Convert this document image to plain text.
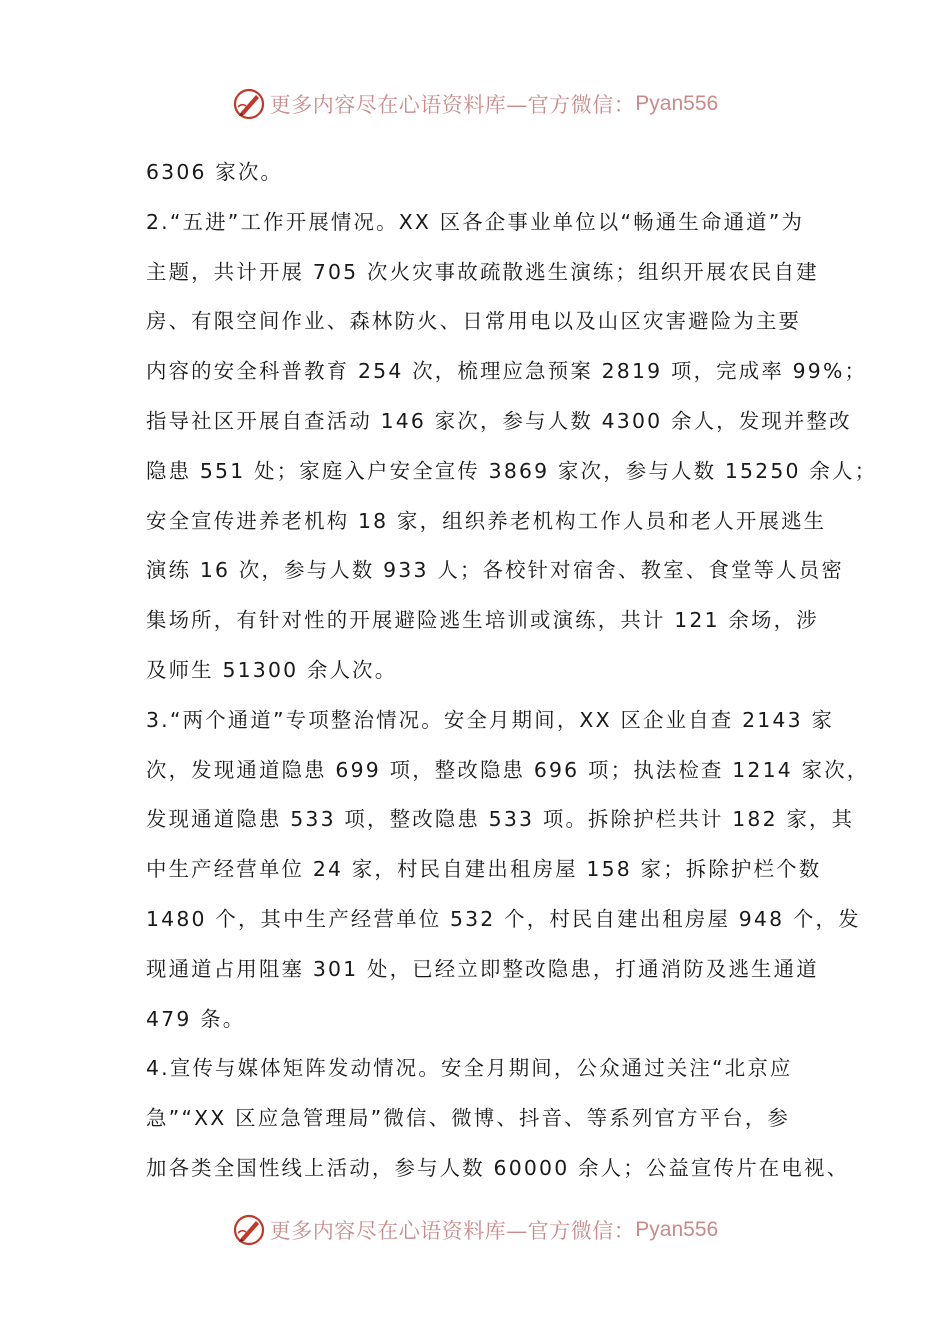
更多内容尽在心语资料库—官方微信： Pyan556
6306 家次。
2.“五进”工作开展情况。XX 区各企事业单位以“畅通生命通道”为
主题，共计开展 705 次火灾事故疏散逃生演练；组织开展农民自建
房、有限空间作业、森林防火、日常用电以及山区灾害避险为主要
内容的安全科普教育 254 次，梳理应急预案 2819 项，完成率 99%；
指导社区开展自查活动 146 家次，参与人数 4300 余人，发现并整改
隐患 551 处；家庭入户安全宣传 3869 家次，参与人数 15250 余人；
安全宣传进养老机构 18 家，组织养老机构工作人员和老人开展逃生
演练 16 次，参与人数 933 人；各校针对宿舍、教室、食堂等人员密
集场所，有针对性的开展避险逃生培训或演练，共计 121 余场，涉
及师生 51300 余人次。
3.“两个通道”专项整治情况。安全月期间，XX 区企业自查 2143 家
次，发现通道隐患 699 项，整改隐患 696 项；执法检查 1214 家次，
发现通道隐患 533 项，整改隐患 533 项。拆除护栏共计 182 家，其
中生产经营单位 24 家，村民自建出租房屋 158 家；拆除护栏个数
1480 个，其中生产经营单位 532 个，村民自建出租房屋 948 个，发
现通道占用阻塞 301 处，已经立即整改隐患，打通消防及逃生通道
479 条。
4.宣传与媒体矩阵发动情况。安全月期间，公众通过关注“北京应
急”“XX 区应急管理局”微信、微博、抖音、等系列官方平台，参
加各类全国性线上活动，参与人数 60000 余人；公益宣传片在电视、
更多内容尽在心语资料库—官方微信： Pyan556
